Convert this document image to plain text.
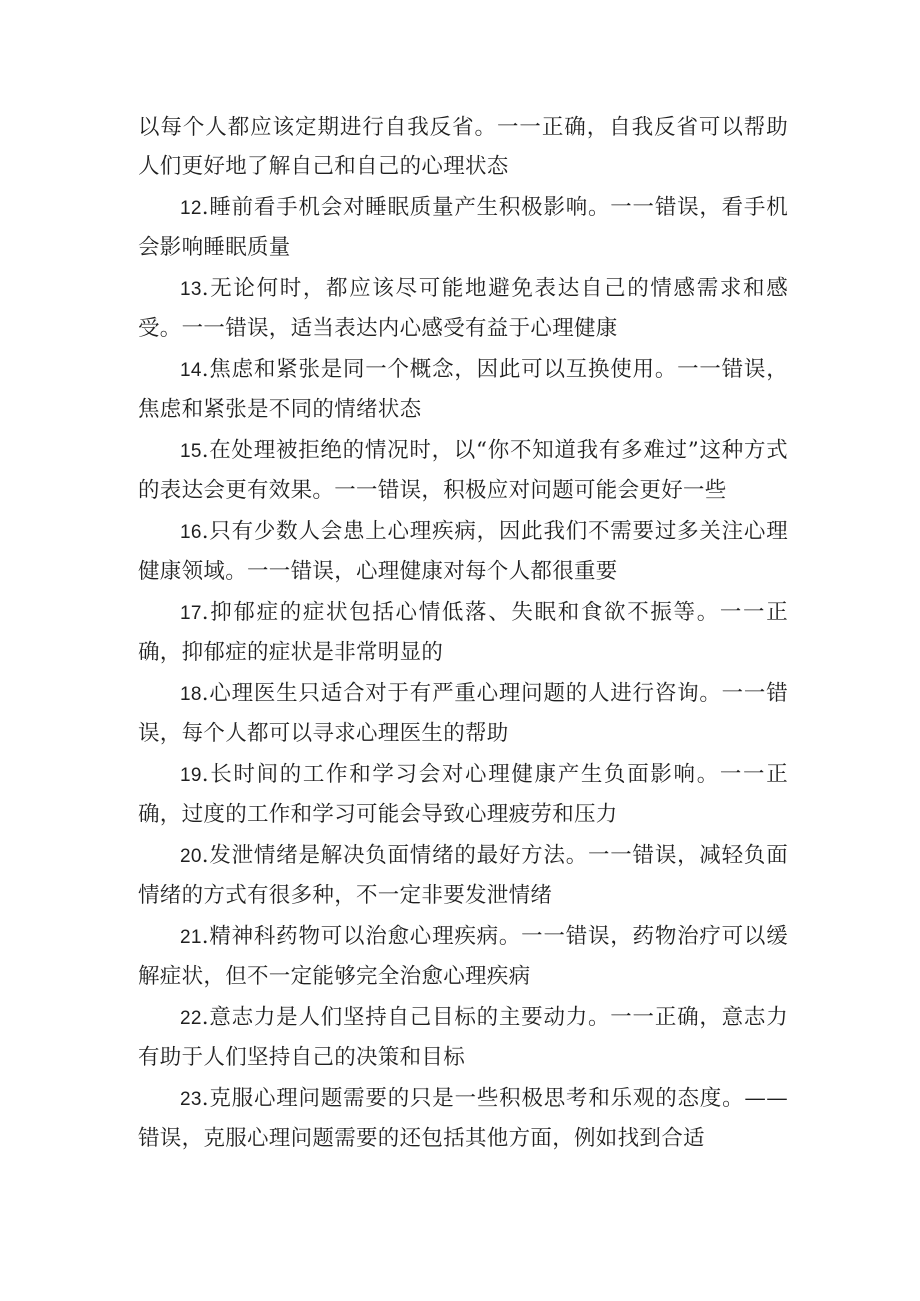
以每个人都应该定期进行自我反省。一一正确，自我反省可以帮助人们更好地了解自己和自己的心理状态

12.睡前看手机会对睡眠质量产生积极影响。一一错误，看手机会影响睡眠质量

13.无论何时，都应该尽可能地避免表达自己的情感需求和感受。一一错误，适当表达内心感受有益于心理健康

14.焦虑和紧张是同一个概念，因此可以互换使用。一一错误，焦虑和紧张是不同的情绪状态

15.在处理被拒绝的情况时，以“你不知道我有多难过”这种方式的表达会更有效果。一一错误，积极应对问题可能会更好一些

16.只有少数人会患上心理疾病，因此我们不需要过多关注心理健康领域。一一错误，心理健康对每个人都很重要

17.抑郁症的症状包括心情低落、失眠和食欲不振等。一一正确，抑郁症的症状是非常明显的

18.心理医生只适合对于有严重心理问题的人进行咨询。一一错误，每个人都可以寻求心理医生的帮助

19.长时间的工作和学习会对心理健康产生负面影响。一一正确，过度的工作和学习可能会导致心理疲劳和压力

20.发泄情绪是解决负面情绪的最好方法。一一错误，减轻负面情绪的方式有很多种，不一定非要发泄情绪

21.精神科药物可以治愈心理疾病。一一错误，药物治疗可以缓解症状，但不一定能够完全治愈心理疾病

22.意志力是人们坚持自己目标的主要动力。一一正确，意志力有助于人们坚持自己的决策和目标

23.克服心理问题需要的只是一些积极思考和乐观的态度。——错误，克服心理问题需要的还包括其他方面，例如找到合适
